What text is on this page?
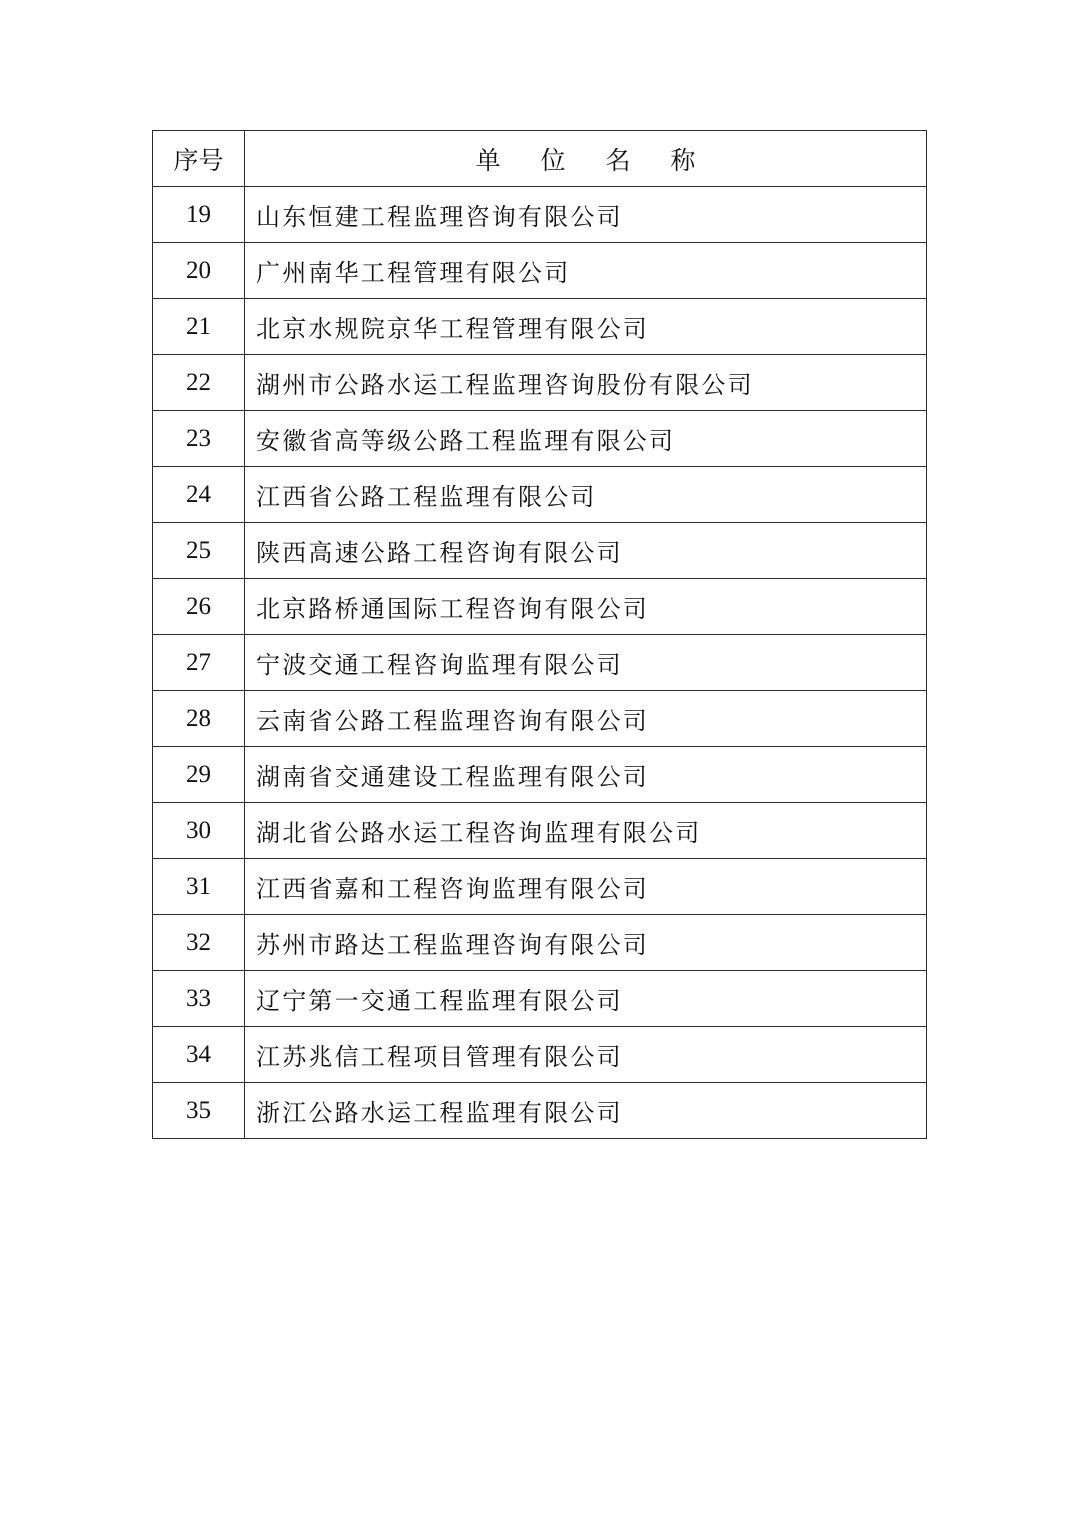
序号	单 位 名 称
19	山东恒建工程监理咨询有限公司
20	广州南华工程管理有限公司
21	北京水规院京华工程管理有限公司
22	湖州市公路水运工程监理咨询股份有限公司
23	安徽省高等级公路工程监理有限公司
24	江西省公路工程监理有限公司
25	陕西高速公路工程咨询有限公司
26	北京路桥通国际工程咨询有限公司
27	宁波交通工程咨询监理有限公司
28	云南省公路工程监理咨询有限公司
29	湖南省交通建设工程监理有限公司
30	湖北省公路水运工程咨询监理有限公司
31	江西省嘉和工程咨询监理有限公司
32	苏州市路达工程监理咨询有限公司
33	辽宁第一交通工程监理有限公司
34	江苏兆信工程项目管理有限公司
35	浙江公路水运工程监理有限公司
